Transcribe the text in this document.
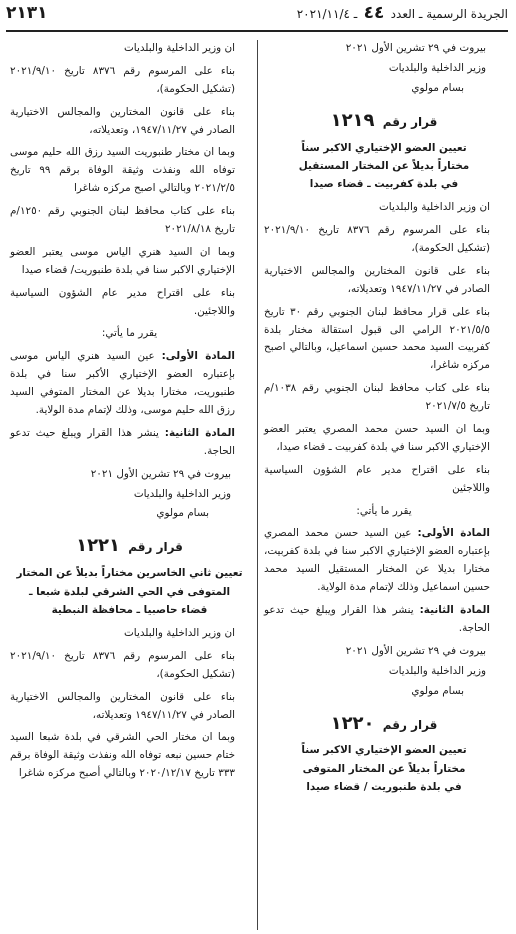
الجريدة الرسمية ـ العدد ٤٤ ـ ٢٠٢١/١١/٤
٢١٣١

بيروت في ٢٩ تشرين الأول ٢٠٢١

وزير الداخلية والبلديات

بسام مولوي

قرار رقم ١٢١٩
تعيين العضو الإختياري الاكبر سناً
مختاراً بديلاً عن المختار المستقيل
في بلدة كفربيت ـ قضاء صيدا

ان وزير الداخلية والبلديات

بناء على المرسوم رقم ٨٣٧٦ تاريخ ٢٠٢١/٩/١٠ (تشكيل الحكومة)،

بناء على قانون المختارين والمجالس الاختيارية الصادر في ١٩٤٧/١١/٢٧ وتعديلاته،

بناء على قرار محافظ لبنان الجنوبي رقم ٣٠ تاريخ ٢٠٢١/٥/٥ الرامي الى قبول استقالة مختار بلدة كفربيت السيد محمد حسين اسماعيل، وبالتالي اصبح مركزه شاغرا،

بناء على كتاب محافظ لبنان الجنوبي رقم ١٠٣٨/م تاريخ ٢٠٢١/٧/٥

وبما ان السيد حسن محمد المصري يعتبر العضو الإختياري الاكبر سنا في بلدة كفربيت ـ قضاء صيدا،

بناء على اقتراح مدير عام الشؤون السياسية واللاجئين

يقرر ما يأتي:

المادة الأولى: عين السيد حسن محمد المصري بإعتباره العضو الإختياري الاكبر سنا في بلدة كفربيت، مختارا بديلا عن المختار المستقيل السيد محمد حسين اسماعيل وذلك لإتمام مدة الولاية.

المادة الثانية: ينشر هذا القرار ويبلغ حيث تدعو الحاجة.

بيروت في ٢٩ تشرين الأول ٢٠٢١

وزير الداخلية والبلديات

بسام مولوي

قرار رقم ١٢٢٠
تعيين العضو الإختياري الاكبر سناً
مختاراً بديلاً عن المختار المتوفى
في بلدة طنبوريت / قضاء صيدا

ان وزير الداخلية والبلديات

بناء على المرسوم رقم ٨٣٧٦ تاريخ ٢٠٢١/٩/١٠ (تشكيل الحكومة)،

بناء على قانون المختارين والمجالس الاختيارية الصادر في ١٩٤٧/١١/٢٧، وتعديلاته،

وبما ان مختار طنبوريت السيد رزق الله حليم موسى توفاه الله ونفذت وثيقة الوفاة برقم ٩٩ تاريخ ٢٠٢١/٢/٥ وبالتالي اصبح مركزه شاغرا

بناء على كتاب محافظ لبنان الجنوبي رقم ١٢٥٠/م تاريخ ٢٠٢١/٨/١٨

وبما ان السيد هنري الياس موسى يعتبر العضو الإختياري الاكبر سنا في بلدة طنبوريت/ قضاء صيدا

بناء على اقتراح مدير عام الشؤون السياسية واللاجئين.

يقرر ما يأتي:

المادة الأولى: عين السيد هنري الياس موسى بإعتباره العضو الإختياري الأكبر سنا في بلدة طنبوريت، مختارا بديلا عن المختار المتوفي السيد رزق الله حليم موسى، وذلك لإتمام مدة الولاية.

المادة الثانية: ينشر هذا القرار ويبلغ حيث تدعو الحاجة.

بيروت في ٢٩ تشرين الأول ٢٠٢١

وزير الداخلية والبلديات

بسام مولوي

قرار رقم ١٢٢١
تعيين ثاني الخاسرين مختاراً بديلاً عن المختار
المتوفى في الحي الشرقي لبلدة شبعا ـ
قضاء حاصبيا ـ محافظة النبطية

ان وزير الداخلية والبلديات

بناء على المرسوم رقم ٨٣٧٦ تاريخ ٢٠٢١/٩/١٠ (تشكيل الحكومة)،

بناء على قانون المختارين والمجالس الاختيارية الصادر في ١٩٤٧/١١/٢٧ وتعديلاته،

وبما ان مختار الحي الشرقي في بلدة شبعا السيد ختام حسين نبعه توفاه الله ونفذت وثيقة الوفاة برقم ٣٣٣ تاريخ ٢٠٢٠/١٢/١٧ وبالتالي أصبح مركزه شاغرا
